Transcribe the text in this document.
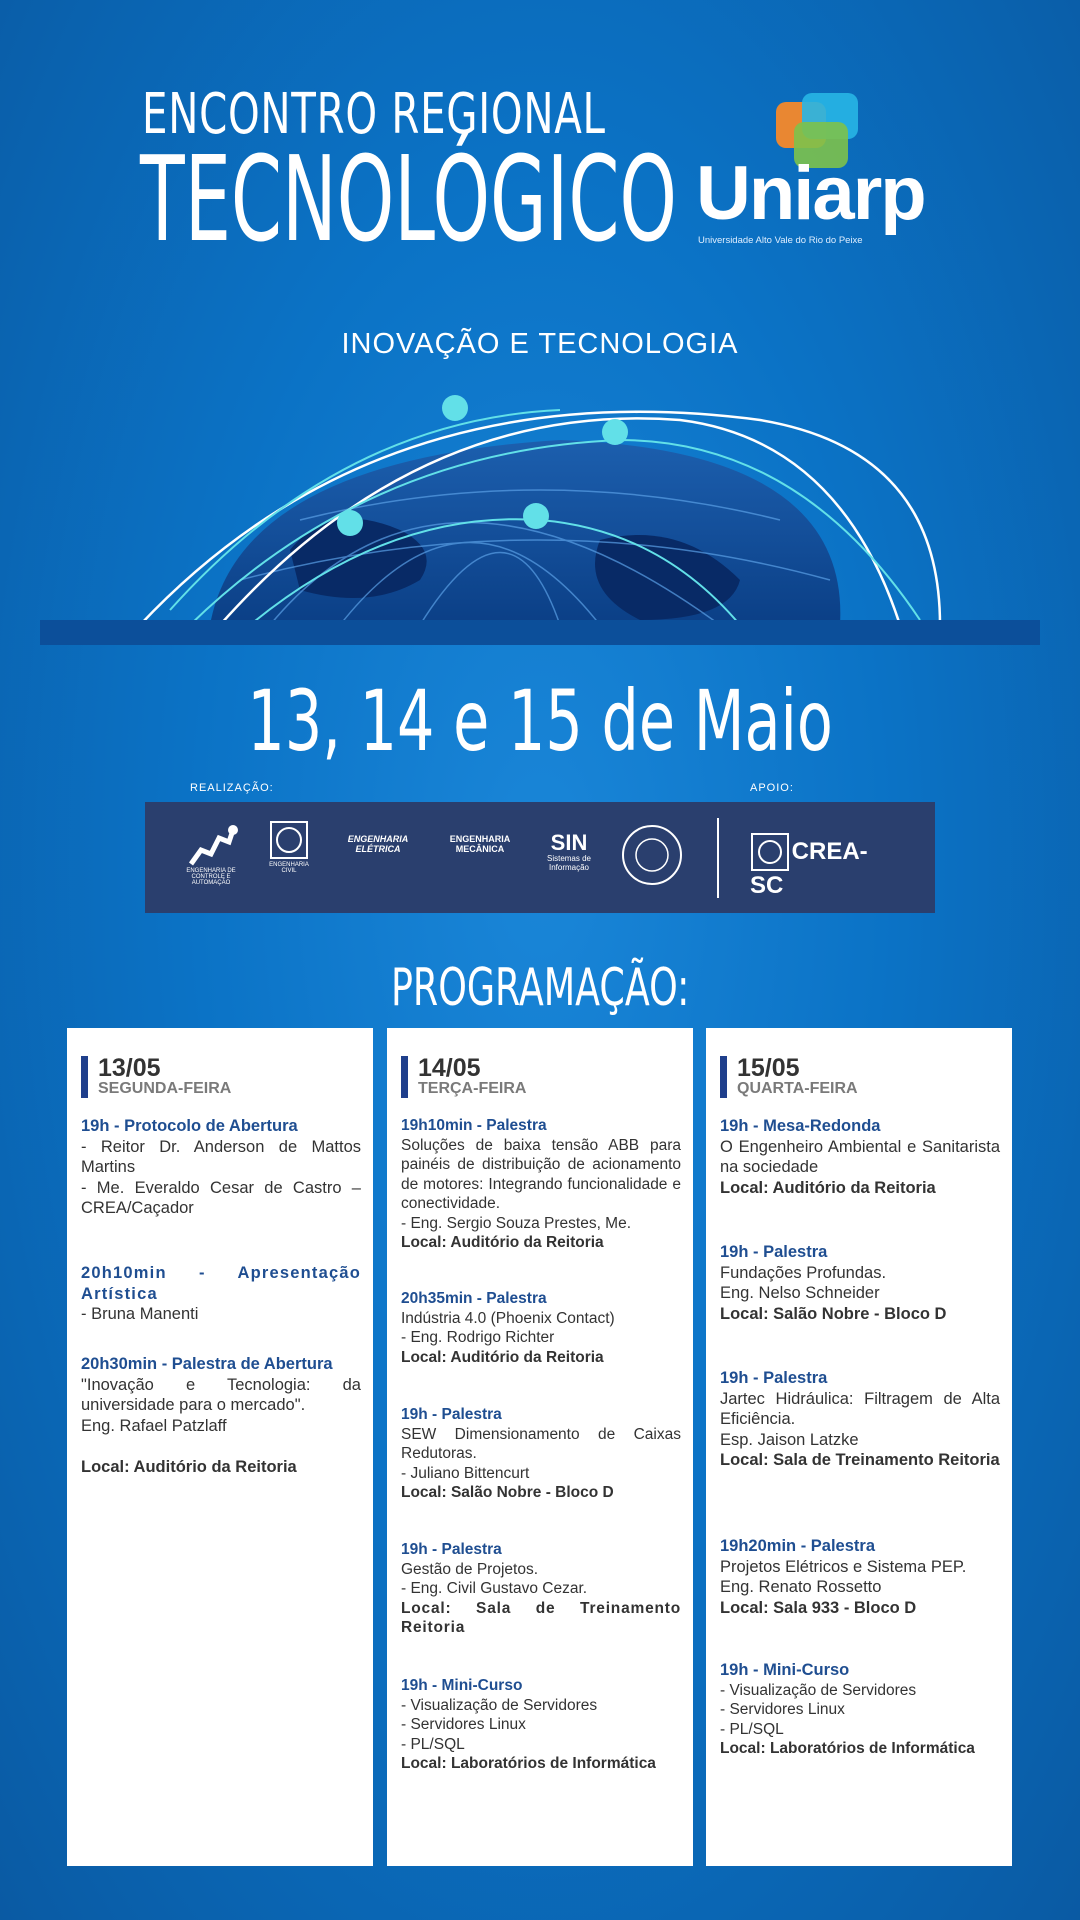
ENCONTRO REGIONAL
TECNOLÓGICO Uniarp
Universidade Alto Vale do Rio do Peixe
INOVAÇÃO E TECNOLOGIA
13, 14 e 15 de Maio
REALIZAÇÃO:	APOIO:
ENGENHARIA DE CONTROLE E AUTOMAÇÃO
ENGENHARIA CIVIL
ENGENHARIA ELÉTRICA
ENGENHARIA MECÂNICA	SIN
Sistemas de Informação
CREA-SC
PROGRAMAÇÃO:
13/05
SEGUNDA-FEIRA
19h - Protocolo de Abertura
- Reitor Dr. Anderson de Mattos Martins
- Me. Everaldo Cesar de Castro – CREA/Caçador
20h10min - Apresentação Artística
- Bruna Manenti
20h30min - Palestra de Abertura
"Inovação e Tecnologia: da universidade para o mercado".
Eng. Rafael Patzlaff
Local: Auditório da Reitoria
14/05
TERÇA-FEIRA
19h10min - Palestra
Soluções de baixa tensão ABB para painéis de distribuição de acionamento de motores: Integrando funcionalidade e conectividade.
- Eng. Sergio Souza Prestes, Me.
Local: Auditório da Reitoria
20h35min - Palestra
Indústria 4.0 (Phoenix Contact)
- Eng. Rodrigo Richter
Local: Auditório da Reitoria
19h - Palestra
SEW Dimensionamento de Caixas Redutoras.
- Juliano Bittencurt
Local: Salão Nobre - Bloco D
19h - Palestra
Gestão de Projetos.
- Eng. Civil Gustavo Cezar.
Local: Sala de Treinamento Reitoria
19h - Mini-Curso
- Visualização de Servidores
- Servidores Linux
- PL/SQL
Local: Laboratórios de Informática
15/05
QUARTA-FEIRA
19h - Mesa-Redonda
O Engenheiro Ambiental e Sanitarista na sociedade
Local: Auditório da Reitoria
19h - Palestra
Fundações Profundas.
Eng. Nelso Schneider
Local: Salão Nobre - Bloco D
19h - Palestra
Jartec Hidráulica: Filtragem de Alta Eficiência.
Esp. Jaison Latzke
Local: Sala de Treinamento Reitoria
19h20min - Palestra
Projetos Elétricos e Sistema PEP.
Eng. Renato Rossetto
Local: Sala 933 - Bloco D
19h - Mini-Curso
- Visualização de Servidores
- Servidores Linux
- PL/SQL
Local: Laboratórios de Informática
